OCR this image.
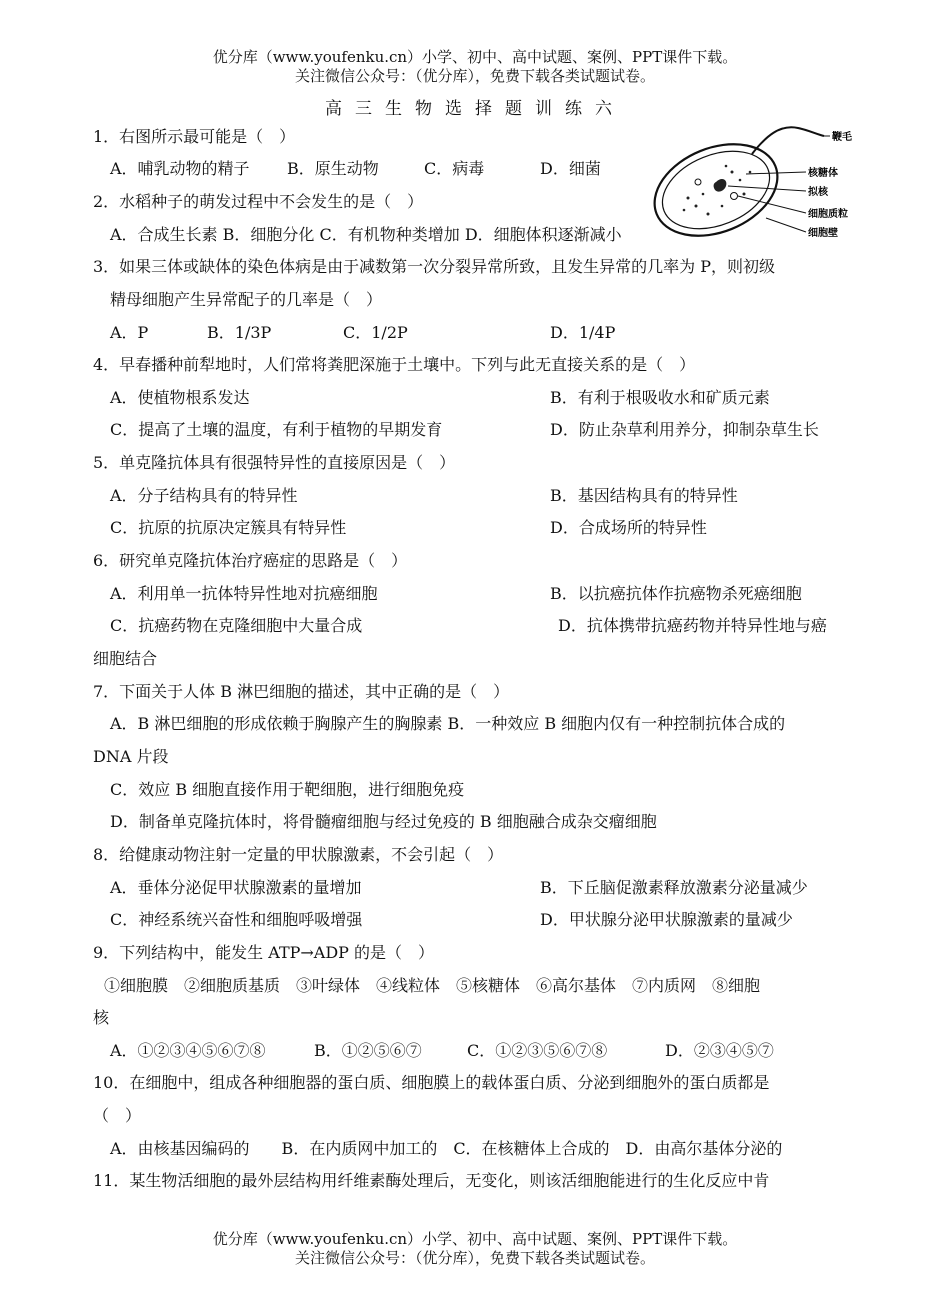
优分库（www.youfenku.cn）小学、初中、高中试题、案例、PPT课件下载。
关注微信公众号：（优分库），免费下载各类试题试卷。
高三生物选择题训练六
鞭毛
核糖体
拟核
细胞质粒
细胞壁
1．右图所示最可能是（　）
A．哺乳动物的精子 B．原生动物	C．病毒	D．细菌
2．水稻种子的萌发过程中不会发生的是（　）
A．合成生长素 B．细胞分化 C．有机物种类增加 D．细胞体积逐渐减小
3．如果三体或缺体的染色体病是由于减数第一次分裂异常所致，且发生异常的几率为 P，则初级
精母细胞产生异常配子的几率是（　）
A．P	B．1/3P	C．1/2P	D．1/4P
4．早春播种前犁地时，人们常将粪肥深施于土壤中。下列与此无直接关系的是（　）
A．使植物根系发达	B．有利于根吸收水和矿质元素
C．提高了土壤的温度，有利于植物的早期发育	D．防止杂草利用养分，抑制杂草生长
5．单克隆抗体具有很强特异性的直接原因是（　）
A．分子结构具有的特异性	B．基因结构具有的特异性
C．抗原的抗原决定簇具有特异性	D．合成场所的特异性
6．研究单克隆抗体治疗癌症的思路是（　）
A．利用单一抗体特异性地对抗癌细胞	B．以抗癌抗体作抗癌物杀死癌细胞
C．抗癌药物在克隆细胞中大量合成	D．抗体携带抗癌药物并特异性地与癌
细胞结合
7．下面关于人体 B 淋巴细胞的描述，其中正确的是（　）
A．B 淋巴细胞的形成依赖于胸腺产生的胸腺素 B．一种效应 B 细胞内仅有一种控制抗体合成的
DNA 片段
C．效应 B 细胞直接作用于靶细胞，进行细胞免疫
D．制备单克隆抗体时，将骨髓瘤细胞与经过免疫的 B 细胞融合成杂交瘤细胞
8．给健康动物注射一定量的甲状腺激素，不会引起（　）
A．垂体分泌促甲状腺激素的量增加	B．下丘脑促激素释放激素分泌量减少
C．神经系统兴奋性和细胞呼吸增强	D．甲状腺分泌甲状腺激素的量减少
9．下列结构中，能发生 ATP→ADP 的是（　）
①细胞膜　②细胞质基质　③叶绿体　④线粒体　⑤核糖体　⑥高尔基体　⑦内质网　⑧细胞
核
A．①②③④⑤⑥⑦⑧	B．①②⑤⑥⑦	C．①②③⑤⑥⑦⑧	D．②③④⑤⑦
10．在细胞中，组成各种细胞器的蛋白质、细胞膜上的载体蛋白质、分泌到细胞外的蛋白质都是
（　）
A．由核基因编码的　　B．在内质网中加工的　C．在核糖体上合成的　D．由高尔基体分泌的
11．某生物活细胞的最外层结构用纤维素酶处理后，无变化，则该活细胞能进行的生化反应中肯
优分库（www.youfenku.cn）小学、初中、高中试题、案例、PPT课件下载。
关注微信公众号：（优分库），免费下载各类试题试卷。
